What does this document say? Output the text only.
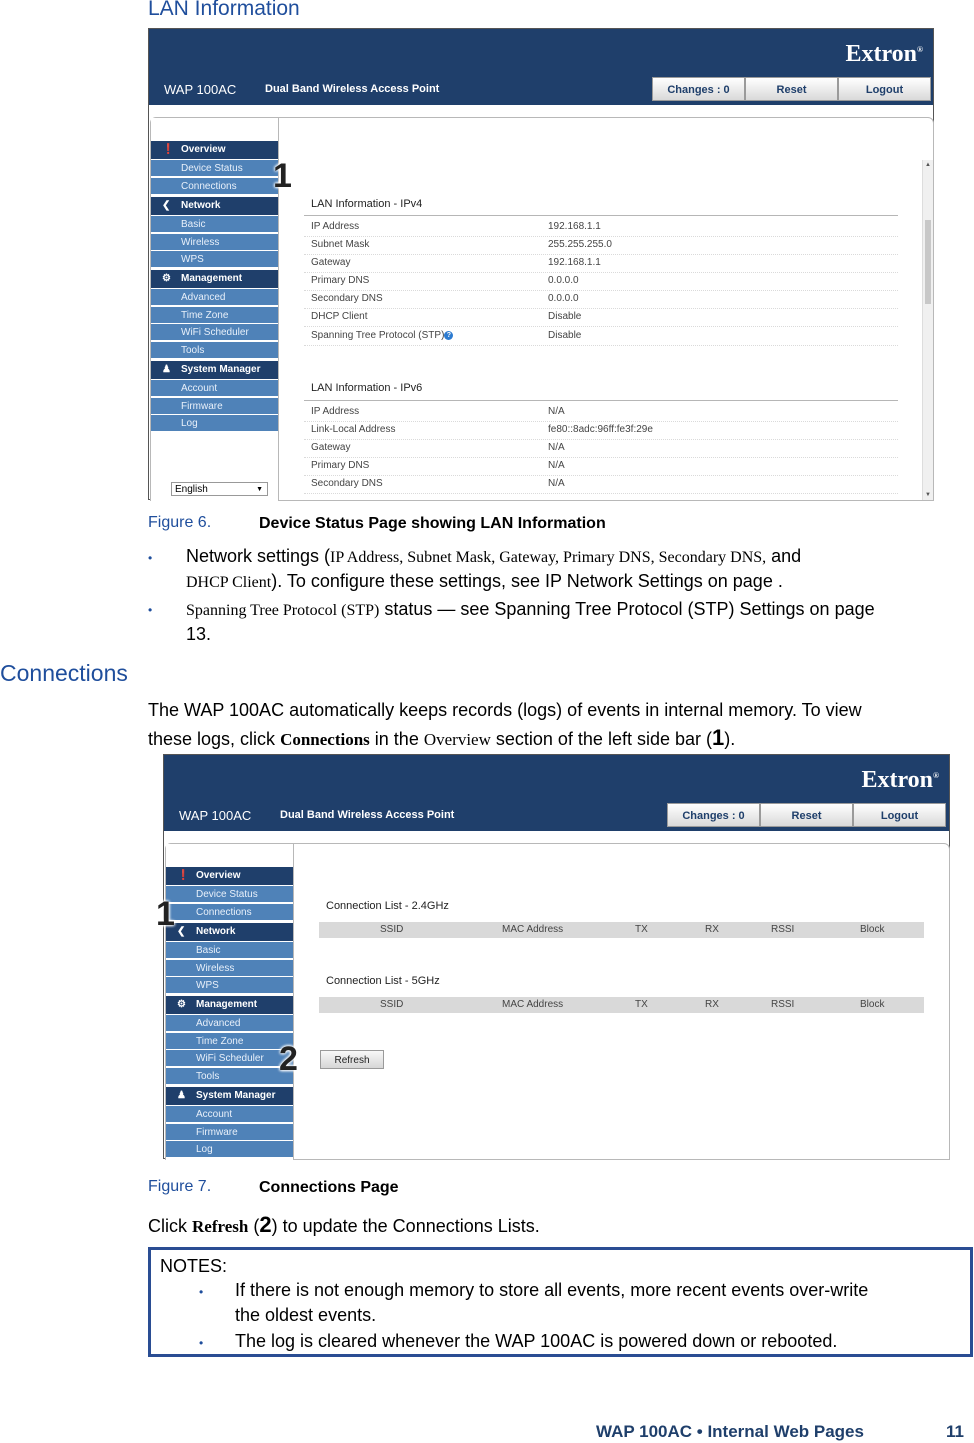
LAN Information
Extron®
WAP 100AC	Dual Band Wireless Access Point	Changes : 0	Reset	Logout
❗ Overview
Device Status
Connections
❮ Network
Basic
Wireless
WPS
⚙ Management
Advanced
Time Zone
WiFi Scheduler
Tools
♟ System Manager
Account
Firmware
Log
English	▼
LAN Information - IPv4
IP Address	192.168.1.1
Subnet Mask	255.255.255.0
Gateway	192.168.1.1
Primary DNS	0.0.0.0
Secondary DNS	0.0.0.0
DHCP Client	Disable
Spanning Tree Protocol (STP) ?	Disable
LAN Information - IPv6
IP Address	N/A
Link-Local Address	fe80::8adc:96ff:fe3f:29e
Gateway	N/A
Primary DNS	N/A
Secondary DNS	N/A
▲
▼
1
Figure 6.	Device Status Page showing LAN Information
• Network settings (IP Address, Subnet Mask, Gateway, Primary DNS, Secondary DNS, and
DHCP Client). To configure these settings, see IP Network Settings on page .
• Spanning Tree Protocol (STP) status — see Spanning Tree Protocol (STP) Settings on page
13.
Connections
The WAP 100AC automatically keeps records (logs) of events in internal memory. To view
these logs, click Connections in the Overview section of the left side bar (1).
Extron®
WAP 100AC	Dual Band Wireless Access Point	Changes : 0	Reset	Logout
❗ Overview
Device Status
Connections
❮ Network
Basic
Wireless
WPS
⚙ Management
Advanced
Time Zone
WiFi Scheduler
Tools
♟ System Manager
Account
Firmware
Log
Connection List - 2.4GHz
SSID	MAC Address	TX	RX	RSSI	Block
Connection List - 5GHz
SSID	MAC Address	TX	RX	RSSI	Block
Refresh
1
2
Figure 7.	Connections Page
Click Refresh (2) to update the Connections Lists.
NOTES:
• If there is not enough memory to store all events, more recent events over-write
the oldest events.
• The log is cleared whenever the WAP 100AC is powered down or rebooted.
WAP 100AC • Internal Web Pages	11
